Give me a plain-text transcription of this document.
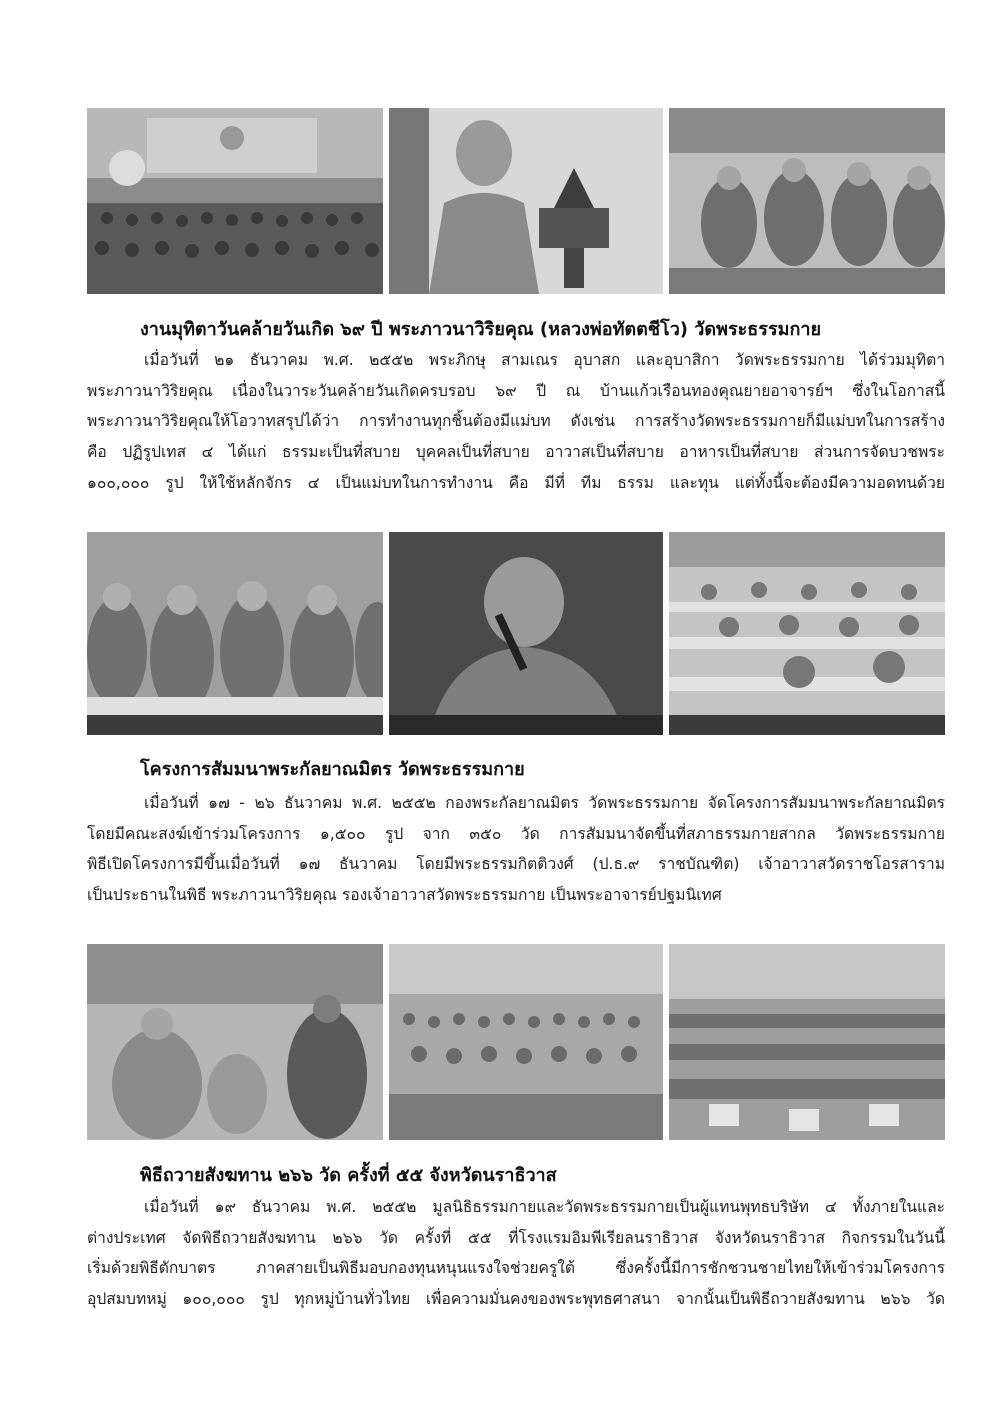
งานมุทิตาวันคล้ายวันเกิด ๖๙ ปี พระภาวนาวิริยคุณ (หลวงพ่อทัตตชีโว) วัดพระธรรมกาย
เมื่อวันที่ ๒๑ ธันวาคม พ.ศ. ๒๕๕๒ พระภิกษุ สามเณร อุบาสก และอุบาสิกา วัดพระธรรมกาย ได้ร่วมมุทิตา
พระภาวนาวิริยคุณ เนื่องในวาระวันคล้ายวันเกิดครบรอบ ๖๙ ปี ณ บ้านแก้วเรือนทองคุณยายอาจารย์ฯ ซึ่งในโอกาสนี้
พระภาวนาวิริยคุณให้โอวาทสรุปได้ว่า การทำงานทุกชิ้นต้องมีแม่บท ดังเช่น การสร้างวัดพระธรรมกายก็มีแม่บทในการสร้าง
คือ ปฏิรูปเทส ๔ ได้แก่ ธรรมะเป็นที่สบาย บุคคลเป็นที่สบาย อาวาสเป็นที่สบาย อาหารเป็นที่สบาย ส่วนการจัดบวชพระ
๑๐๐,๐๐๐ รูป ให้ใช้หลักจักร ๔ เป็นแม่บทในการทำงาน คือ มีที่ ทีม ธรรม และทุน แต่ทั้งนี้จะต้องมีความอดทนด้วย
โครงการสัมมนาพระกัลยาณมิตร วัดพระธรรมกาย
เมื่อวันที่ ๑๗ - ๒๖ ธันวาคม พ.ศ. ๒๕๕๒ กองพระกัลยาณมิตร วัดพระธรรมกาย จัดโครงการสัมมนาพระกัลยาณมิตร
โดยมีคณะสงฆ์เข้าร่วมโครงการ ๑,๕๐๐ รูป จาก ๓๕๐ วัด การสัมมนาจัดขึ้นที่สภาธรรมกายสากล วัดพระธรรมกาย
พิธีเปิดโครงการมีขึ้นเมื่อวันที่ ๑๗ ธันวาคม โดยมีพระธรรมกิตติวงศ์ (ป.ธ.๙ ราชบัณฑิต) เจ้าอาวาสวัดราชโอรสาราม
เป็นประธานในพิธี พระภาวนาวิริยคุณ รองเจ้าอาวาสวัดพระธรรมกาย เป็นพระอาจารย์ปฐมนิเทศ
พิธีถวายสังฆทาน ๒๖๖ วัด ครั้งที่ ๕๕ จังหวัดนราธิวาส
เมื่อวันที่ ๑๙ ธันวาคม พ.ศ. ๒๕๕๒ มูลนิธิธรรมกายและวัดพระธรรมกายเป็นผู้แทนพุทธบริษัท ๔ ทั้งภายในและ
ต่างประเทศ จัดพิธีถวายสังฆทาน ๒๖๖ วัด ครั้งที่ ๕๕ ที่โรงแรมอิมพีเรียลนราธิวาส จังหวัดนราธิวาส กิจกรรมในวันนี้
เริ่มด้วยพิธีตักบาตร ภาคสายเป็นพิธีมอบกองทุนหนุนแรงใจช่วยครูใต้ ซึ่งครั้งนี้มีการชักชวนชายไทยให้เข้าร่วมโครงการ
อุปสมบทหมู่ ๑๐๐,๐๐๐ รูป ทุกหมู่บ้านทั่วไทย เพื่อความมั่นคงของพระพุทธศาสนา จากนั้นเป็นพิธีถวายสังฆทาน ๒๖๖ วัด
